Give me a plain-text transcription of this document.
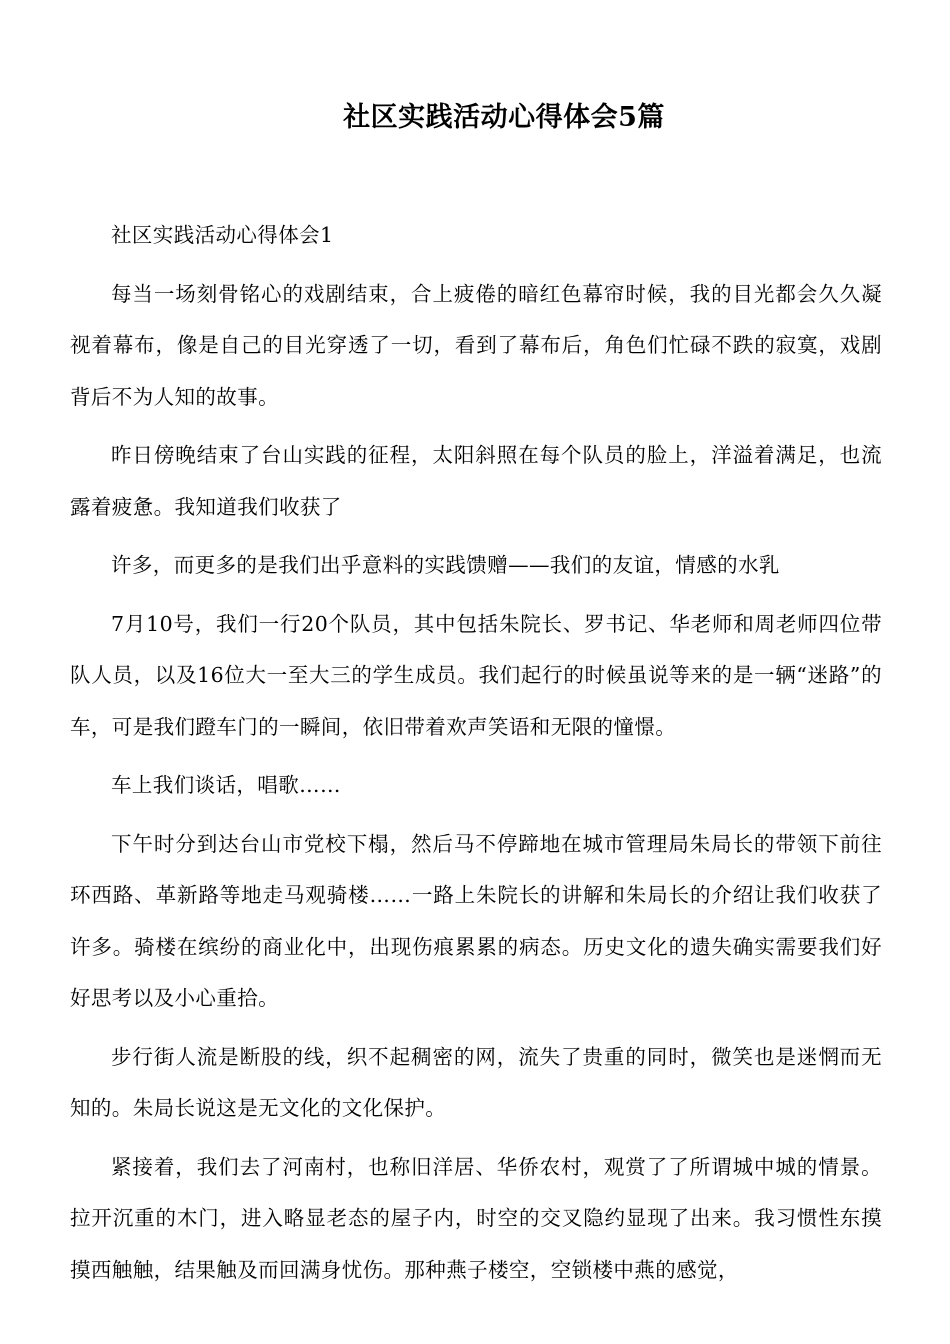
社区实践活动心得体会5篇

社区实践活动心得体会1

每当一场刻骨铭心的戏剧结束，合上疲倦的暗红色幕帘时候，我的目光都会久久凝视着幕布，像是自己的目光穿透了一切，看到了幕布后，角色们忙碌不跌的寂寞，戏剧背后不为人知的故事。

昨日傍晚结束了台山实践的征程，太阳斜照在每个队员的脸上，洋溢着满足，也流露着疲惫。我知道我们收获了

许多，而更多的是我们出乎意料的实践馈赠——我们的友谊，情感的水乳

7月10号，我们一行20个队员，其中包括朱院长、罗书记、华老师和周老师四位带队人员，以及16位大一至大三的学生成员。我们起行的时候虽说等来的是一辆“迷路”的车，可是我们蹬车门的一瞬间，依旧带着欢声笑语和无限的憧憬。

车上我们谈话，唱歌……

下午时分到达台山市党校下榻，然后马不停蹄地在城市管理局朱局长的带领下前往环西路、革新路等地走马观骑楼……一路上朱院长的讲解和朱局长的介绍让我们收获了许多。骑楼在缤纷的商业化中，出现伤痕累累的病态。历史文化的遗失确实需要我们好好思考以及小心重拾。

步行街人流是断股的线，织不起稠密的网，流失了贵重的同时，微笑也是迷惘而无知的。朱局长说这是无文化的文化保护。

紧接着，我们去了河南村，也称旧洋居、华侨农村，观赏了了所谓城中城的情景。拉开沉重的木门，进入略显老态的屋子内，时空的交叉隐约显现了出来。我习惯性东摸摸西触触，结果触及而回满身忧伤。那种燕子楼空，空锁楼中燕的感觉，
